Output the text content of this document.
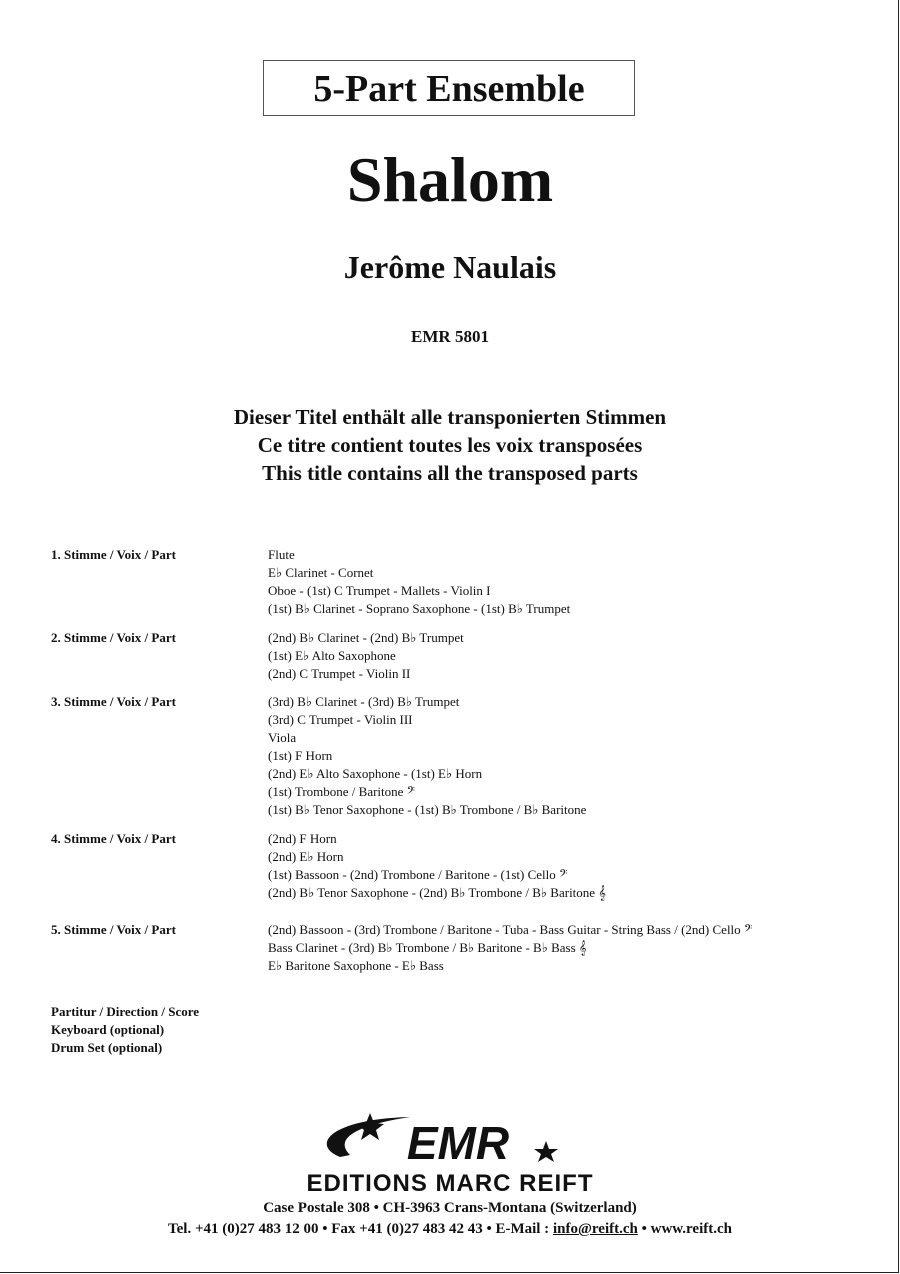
5-Part Ensemble
Shalom
Jerôme Naulais
EMR 5801
Dieser Titel enthält alle transponierten Stimmen
Ce titre contient toutes les voix transposées
This title contains all the transposed parts
1. Stimme / Voix / Part	Flute
E♭ Clarinet - Cornet
Oboe - (1st) C Trumpet - Mallets - Violin I
(1st) B♭ Clarinet - Soprano Saxophone - (1st) B♭ Trumpet
2. Stimme / Voix / Part	(2nd) B♭ Clarinet - (2nd) B♭ Trumpet
(1st) E♭ Alto Saxophone
(2nd) C Trumpet - Violin II
3. Stimme / Voix / Part	(3rd) B♭ Clarinet - (3rd) B♭ Trumpet
(3rd) C Trumpet - Violin III
Viola
(1st) F Horn
(2nd) E♭ Alto Saxophone - (1st) E♭ Horn
(1st) Trombone / Baritone 𝄢
(1st) B♭ Tenor Saxophone - (1st) B♭ Trombone / B♭ Baritone
4. Stimme / Voix / Part	(2nd) F Horn
(2nd) E♭ Horn
(1st) Bassoon - (2nd) Trombone / Baritone - (1st) Cello 𝄢
(2nd) B♭ Tenor Saxophone - (2nd) B♭ Trombone / B♭ Baritone 𝄞
5. Stimme / Voix / Part	(2nd) Bassoon - (3rd) Trombone / Baritone - Tuba - Bass Guitar - String Bass / (2nd) Cello 𝄢
Bass Clarinet - (3rd) B♭ Trombone / B♭ Baritone - B♭ Bass 𝄞
E♭ Baritone Saxophone - E♭ Bass
Partitur / Direction / Score
Keyboard (optional)
Drum Set (optional)
EMR
EDITIONS MARC REIFT
Case Postale 308 • CH-3963 Crans-Montana (Switzerland)
Tel. +41 (0)27 483 12 00 • Fax +41 (0)27 483 42 43 • E-Mail : info@reift.ch • www.reift.ch
